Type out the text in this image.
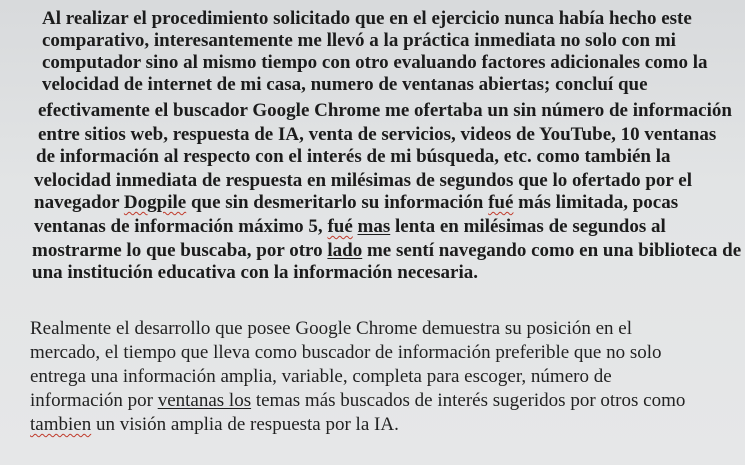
Al realizar el procedimiento solicitado que en el ejercicio nunca había hecho este
comparativo, interesantemente me llevó a la práctica inmediata no solo con mi
computador sino al mismo tiempo con otro evaluando factores adicionales como la
velocidad de internet de mi casa, numero de ventanas abiertas; concluí que
efectivamente el buscador Google Chrome me ofertaba un sin número de información
entre sitios web, respuesta de IA, venta de servicios, videos de YouTube, 10 ventanas
de información al respecto con el interés de mi búsqueda, etc. como también la
velocidad inmediata de respuesta en milésimas de segundos que lo ofertado por el
navegador Dogpile que sin desmeritarlo su información fué más limitada, pocas
ventanas de información máximo 5, fué mas lenta en milésimas de segundos al
mostrarme lo que buscaba, por otro lado me sentí navegando como en una biblioteca de
una institución educativa con la información necesaria.
Realmente el desarrollo que posee Google Chrome demuestra su posición en el
mercado, el tiempo que lleva como buscador de información preferible que no solo
entrega una información amplia, variable, completa para escoger, número de
información por ventanas los temas más buscados de interés sugeridos por otros como
tambien un visión amplia de respuesta por la IA.
